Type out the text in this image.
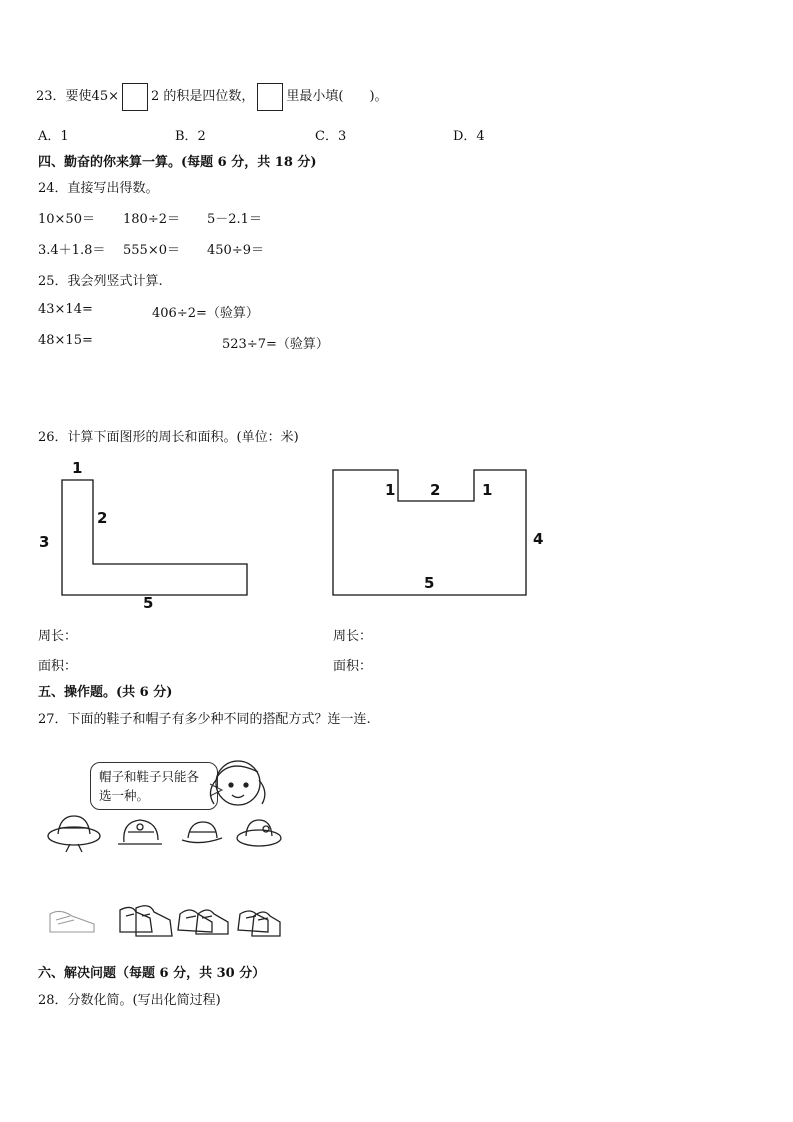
23．要使45× 2 的积是四位数， 里最小填(　　)。
A．1	B．2	C．3	D．4
四、勤奋的你来算一算。(每题 6 分，共 18 分)
24．直接写出得数。
10×50＝ 180÷2＝ 5－2.1＝
3.4＋1.8＝ 555×0＝ 450÷9＝
25．我会列竖式计算.
43×14=	406÷2=（验算）
48×15=	523÷7=（验算）
26．计算下面图形的周长和面积。(单位：米)
1
2
3
5
1 2	1
4
5
周长：	周长：
面积：	面积：
五、操作题。(共 6 分)
27．下面的鞋子和帽子有多少种不同的搭配方式？连一连.
帽子和鞋子只能各选一种。
六、解决问题（每题 6 分，共 30 分）
28．分数化简。(写出化简过程)
